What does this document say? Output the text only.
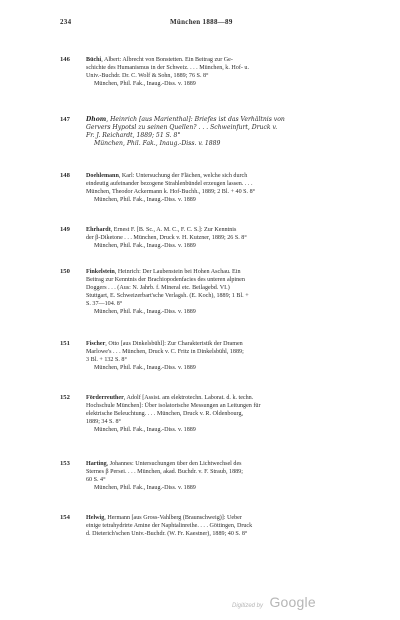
234	München 1888—89
146	Büchi, Albert: Albrecht von Bonstetten. Ein Beitrag zur Ge-
schichte des Humanismus in der Schweiz. . . . München, k. Hof- u.
Univ.-Buchdr. Dr. C. Wolf & Sohn, 1889; 76 S. 8°
München, Phil. Fak., Inaug.-Diss. v. 1889
147	Dhom, Heinrich [aus Marienthal]: Briefes ist das Verhältnis von
Gervers Hypotsl zu seinen Quellen? . . . Schweinfurt, Druck v.
Fr. J. Reichardt, 1889; 51 S. 8°
München, Phil. Fak., Inaug.-Diss. v. 1889
148	Doehlemann, Karl: Untersuchung der Flächen, welche sich durch
eindeutig aufeinander bezogene Strahlenbündel erzeugen lassen. . . .
München, Theodor Ackermann k. Hof-Buchh., 1889; 2 Bl. + 40 S. 8°
München, Phil. Fak., Inaug.-Diss. v. 1889
149	Ehrhardt, Ernest F. [B. Sc., A. M. C., F. C. S.]: Zur Kenntnis
der β-Diketone . . . München, Druck v. H. Kutzner, 1889; 26 S. 8°
München, Phil. Fak., Inaug.-Diss. v. 1889
150	Finkelstein, Heinrich: Der Laubenstein bei Hohen Aschau. Ein
Beitrag zur Kenntnis der Brachiopodenfacies des unteren alpinen
Doggers . . . (Aus: N. Jahrb. f. Mineral etc. Beilagebd. VI.)
Stuttgart, E. Schweizerbart'sche Verlagsh. (E. Koch), 1889; 1 Bl. +
S. 37—104. 8°
München, Phil. Fak., Inaug.-Diss. v. 1889
151	Fischer, Otto [aus Dinkelsbühl]: Zur Charakteristik der Dramen
Marlowe's . . . München, Druck v. C. Fritz in Dinkelsbühl, 1889;
3 Bl. + 132 S. 8°
München, Phil. Fak., Inaug.-Diss. v. 1889
152	Förderreuther, Adolf [Assist. am elektrotechn. Laborat. d. k. techn.
Hochschule München]: Über isolatorische Messungen an Leitungen für
elektrische Beleuchtung. . . . München, Druck v. R. Oldenbourg,
1889; 34 S. 8°
München, Phil. Fak., Inaug.-Diss. v. 1889
153	Harting, Johannes: Untersuchungen über den Lichtwechsel des
Sternes β Persei. . . . München, akad. Buchdr. v. F. Straub, 1889;
60 S. 4°
München, Phil. Fak., Inaug.-Diss. v. 1889
154	Helwig, Hermann [aus Gross-Vahlberg (Braunschweig)]: Ueber
einige tetrahydrirte Amine der Naphtalinreihe. . . . Göttingen, Druck
d. Dieterich'schen Univ.-Buchdr. (W. Fr. Kaestner), 1889; 40 S. 8°
Digitized by Google
